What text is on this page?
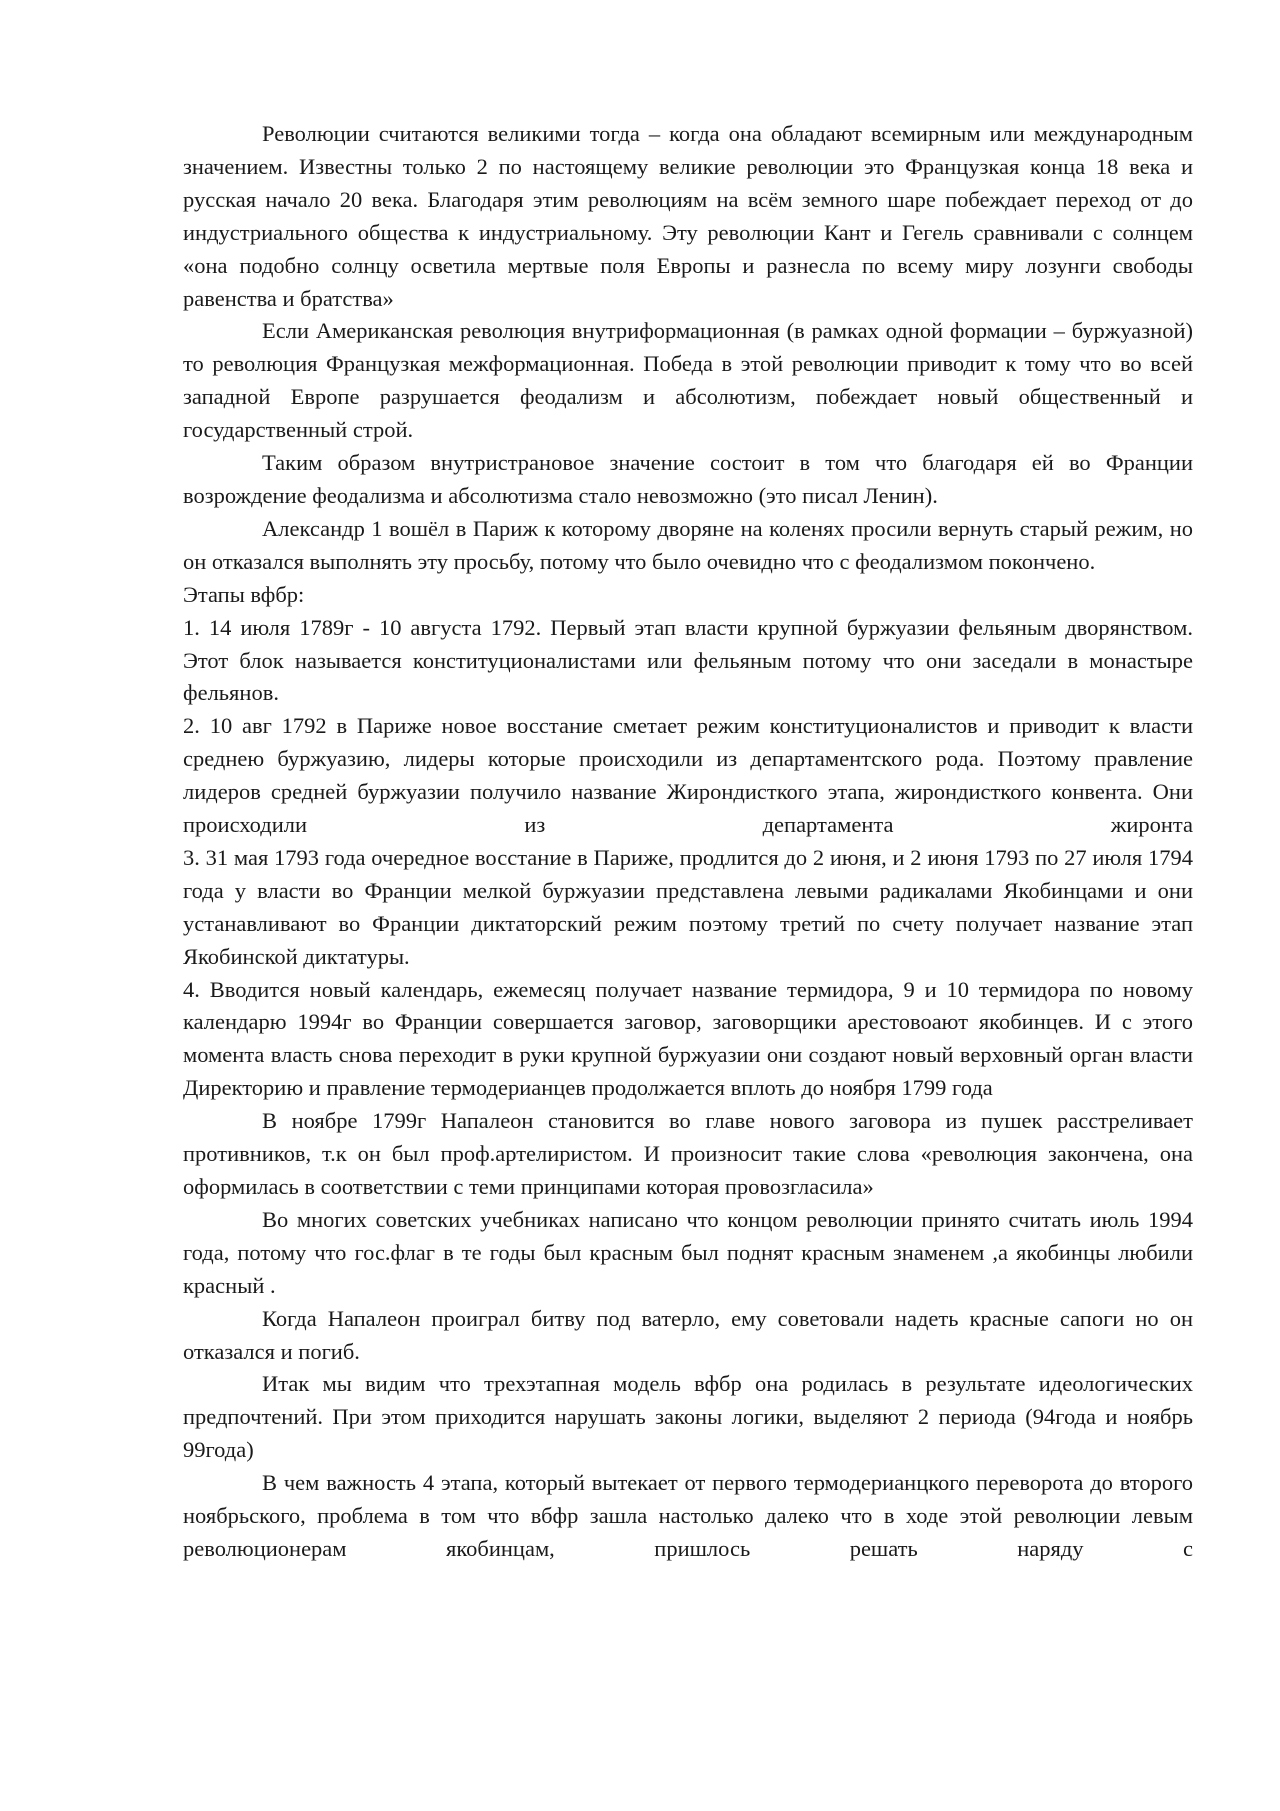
Революции считаются великими тогда – когда она обладают всемирным или международным значением. Известны только 2 по настоящему великие революции это Французкая конца 18 века и русская начало 20 века. Благодаря этим революциям на всём земного шаре побеждает переход от до индустриального общества к индустриальному. Эту революции Кант и Гегель сравнивали с солнцем «она подобно солнцу осветила мертвые поля Европы и разнесла по всему миру лозунги свободы равенства и братства»

Если Американская революция внутриформационная (в рамках одной формации – буржуазной) то революция Французкая межформационная. Победа в этой революции приводит к тому что во всей западной Европе разрушается феодализм и абсолютизм, побеждает новый общественный и государственный строй.

Таким образом внутристрановое значение состоит в том что благодаря ей во Франции возрождение феодализма и абсолютизма стало невозможно (это писал Ленин).

Александр 1 вошёл в Париж к которому дворяне на коленях просили вернуть старый режим, но он отказался выполнять эту просьбу, потому что было очевидно что с феодализмом покончено.

Этапы вфбр:

1. 14 июля 1789г - 10 августа 1792. Первый этап власти крупной буржуазии фельяным дворянством. Этот блок называется конституционалистами или фельяным потому что они заседали в монастыре фельянов.

2. 10 авг 1792 в Париже новое восстание сметает режим конституционалистов и приводит к власти среднею буржуазию, лидеры которые происходили из департаментского рода. Поэтому правление лидеров средней буржуазии получило название Жирондисткого этапа, жирондисткого конвента. Они происходили из департамента жиронта

3. 31 мая 1793 года очередное восстание в Париже, продлится до 2 июня, и 2 июня 1793 по 27 июля 1794 года у власти во Франции мелкой буржуазии представлена левыми радикалами Якобинцами и они устанавливают во Франции диктаторский режим поэтому третий по счету получает название этап Якобинской диктатуры.

4. Вводится новый календарь, ежемесяц получает название термидора, 9 и 10 термидора по новому календарю 1994г во Франции совершается заговор, заговорщики арестовоают якобинцев. И с этого момента власть снова переходит в руки крупной буржуазии они создают новый верховный орган власти Директорию и правление термодерианцев продолжается вплоть до ноября 1799 года

В ноябре 1799г Напалеон становится во главе нового заговора из пушек расстреливает противников, т.к он был проф.артелиристом. И произносит такие слова «революция закончена, она оформилась в соответствии с теми принципами которая провозгласила»

Во многих советских учебниках написано что концом революции принято считать июль 1994 года, потому что гос.флаг в те годы был красным был поднят красным знаменем ,а якобинцы любили красный .

Когда Напалеон проиграл битву под ватерло, ему советовали надеть красные сапоги но он отказался и погиб.

Итак мы видим что трехэтапная модель вфбр она родилась в результате идеологических предпочтений. При этом приходится нарушать законы логики, выделяют 2 периода (94года и ноябрь 99года)

В чем важность 4 этапа, который вытекает от первого термодерианцкого переворота до второго ноябрьского, проблема в том что вбфр зашла настолько далеко что в ходе этой революции левым революционерам якобинцам, пришлось решать наряду с
